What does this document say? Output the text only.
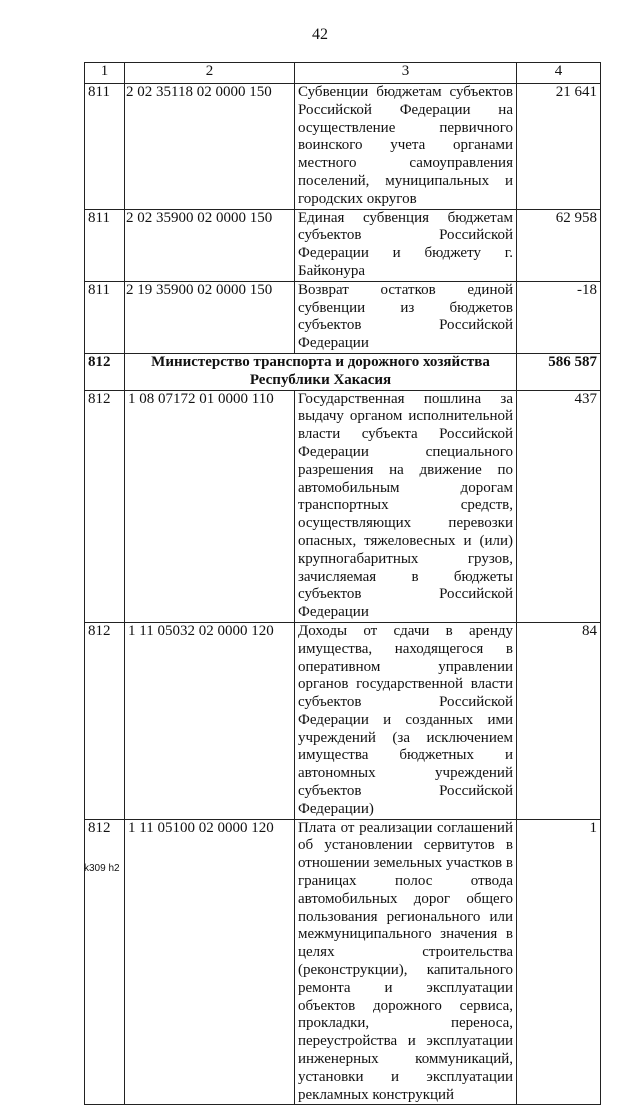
42
1	2	3	4
811	2 02 35118 02 0000 150	Субвенции бюджетам субъектов Российской Федерации на осуществление первичного воинского учета органами местного самоуправления поселений, муниципальных и городских округов	21 641
811	2 02 35900 02 0000 150	Единая субвенция бюджетам субъектов Российской Федерации и бюджету г. Байконура	62 958
811	2 19 35900 02 0000 150	Возврат остатков единой субвенции из бюджетов субъектов Российской Федерации	-18
812	Министерство транспорта и дорожного хозяйства Республики Хакасия		586 587
812	1 08 07172 01 0000 110	Государственная пошлина за выдачу органом исполнительной власти субъекта Российской Федерации специального разрешения на движение по автомобильным дорогам транспортных средств, осуществляющих перевозки опасных, тяжеловесных и (или) крупногабаритных грузов, зачисляемая в бюджеты субъектов Российской Федерации	437
812	1 11 05032 02 0000 120	Доходы от сдачи в аренду имущества, находящегося в оперативном управлении органов государственной власти субъектов Российской Федерации и созданных ими учреждений (за исключением имущества бюджетных и автономных учреждений субъектов Российской Федерации)	84
812	1 11 05100 02 0000 120	Плата от реализации соглашений об установлении сервитутов в отношении земельных участков в границах полос отвода автомобильных дорог общего пользования регионального или межмуниципального значения в целях строительства (реконструкции), капитального ремонта и эксплуатации объектов дорожного сервиса, прокладки, переноса, переустройства и эксплуатации инженерных коммуникаций, установки и эксплуатации рекламных конструкций	1
k309 h2
